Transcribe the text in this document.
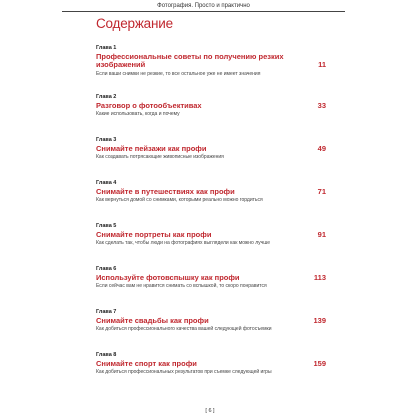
Фотография. Просто и практично
Содержание
Глава 1
Профессиональные советы по получению резких изображений
Если ваши снимки не резкие, то все остальное уже не имеет значения
11
Глава 2
Разговор о фотообъективах
Какие использовать, когда и почему
33
Глава 3
Снимайте пейзажи как профи
Как создавать потрясающие живописные изображения
49
Глава 4
Снимайте в путешествиях как профи
Как вернуться домой со снимками, которыми реально можно гордиться
71
Глава 5
Снимайте портреты как профи
Как сделать так, чтобы люди на фотографиях выглядели как можно лучше
91
Глава 6
Используйте фотовспышку как профи
Если сейчас вам не нравится снимать со вспышкой, то скоро понравится
113
Глава 7
Снимайте свадьбы как профи
Как добиться профессионального качества вашей следующей фотосъемки
139
Глава 8
Снимайте спорт как профи
Как добиться профессиональных результатов при съемке следующей игры
159
[ 6 ]
